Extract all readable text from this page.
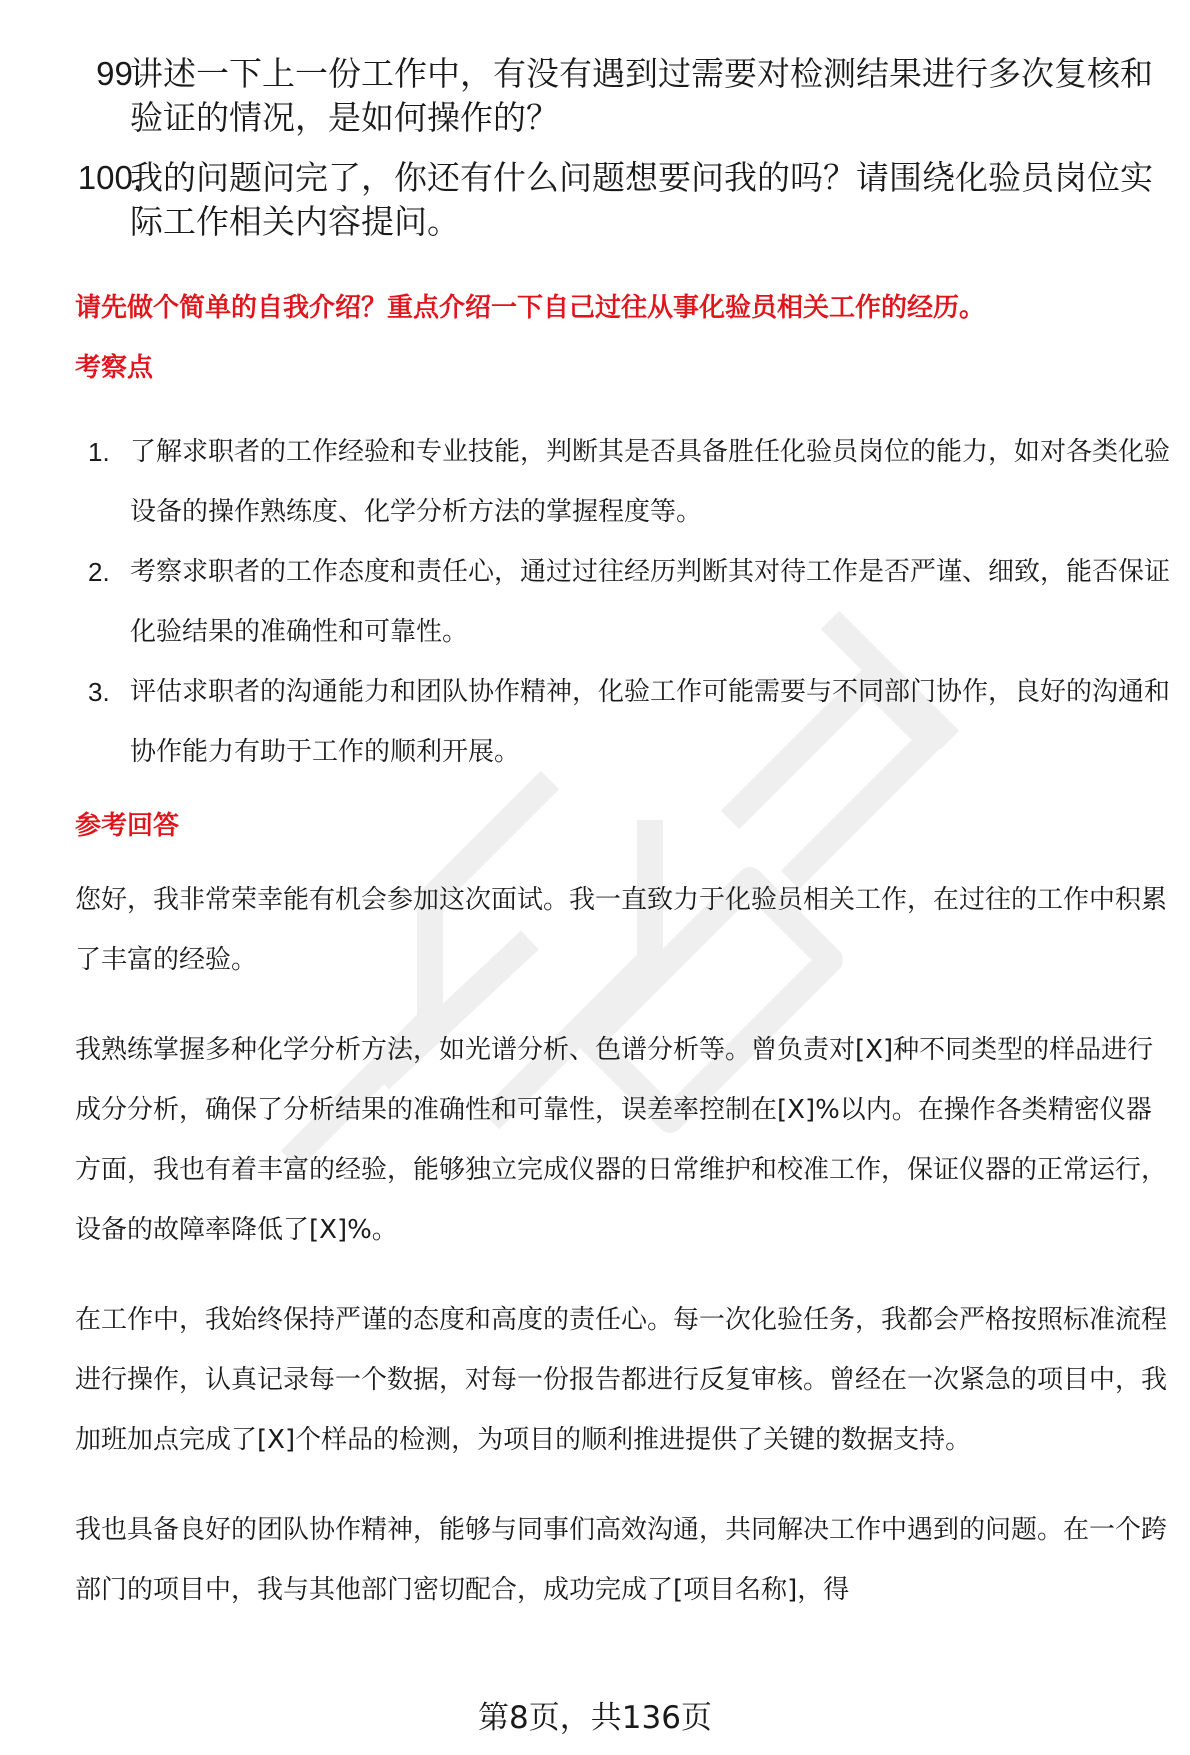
99.
讲述一下上一份工作中，有没有遇到过需要对检测结果进行多次复核和验证的情况，是如何操作的？
100.
我的问题问完了，你还有什么问题想要问我的吗？请围绕化验员岗位实际工作相关内容提问。
请先做个简单的自我介绍？重点介绍一下自己过往从事化验员相关工作的经历。
考察点
1. 了解求职者的工作经验和专业技能，判断其是否具备胜任化验员岗位的能力，如对各类化验设备的操作熟练度、化学分析方法的掌握程度等。
2. 考察求职者的工作态度和责任心，通过过往经历判断其对待工作是否严谨、细致，能否保证化验结果的准确性和可靠性。
3. 评估求职者的沟通能力和团队协作精神，化验工作可能需要与不同部门协作，良好的沟通和协作能力有助于工作的顺利开展。
参考回答

您好，我非常荣幸能有机会参加这次面试。我一直致力于化验员相关工作，在过往的工作中积累了丰富的经验。

我熟练掌握多种化学分析方法，如光谱分析、色谱分析等。曾负责对[X]种不同类型的样品进行成分分析，确保了分析结果的准确性和可靠性，误差率控制在[X]%以内。在操作各类精密仪器方面，我也有着丰富的经验，能够独立完成仪器的日常维护和校准工作，保证仪器的正常运行，设备的故障率降低了[X]%。

在工作中，我始终保持严谨的态度和高度的责任心。每一次化验任务，我都会严格按照标准流程进行操作，认真记录每一个数据，对每一份报告都进行反复审核。曾经在一次紧急的项目中，我加班加点完成了[X]个样品的检测，为项目的顺利推进提供了关键的数据支持。

我也具备良好的团队协作精神，能够与同事们高效沟通，共同解决工作中遇到的问题。在一个跨部门的项目中，我与其他部门密切配合，成功完成了[项目名称]，得

第8页，共136页
